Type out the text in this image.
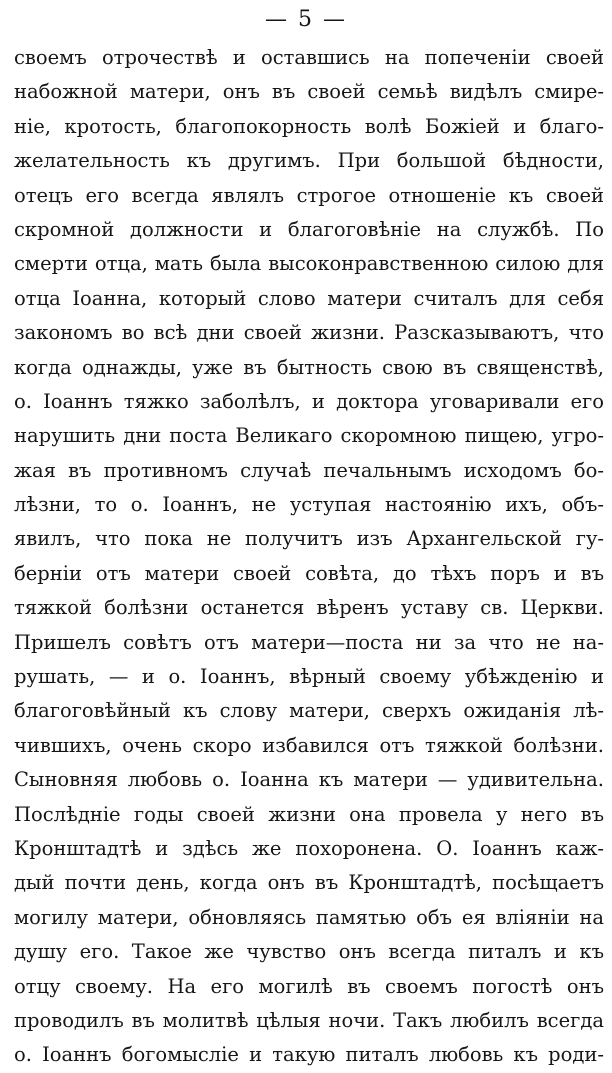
— 5 —
своемъ отрочествѣ и оставшись на попеченіи своей
набожной матери, онъ въ своей семьѣ видѣлъ смире-
ніе, кротость, благопокорность волѣ Божіей и благо-
желательность къ другимъ. При большой бѣдности,
отецъ его всегда являлъ строгое отношеніе къ своей
скромной должности и благоговѣніе на службѣ. По
смерти отца, мать была высоконравственною силою для
отца Іоанна, который слово матери считалъ для себя
закономъ во всѣ дни своей жизни. Разсказываютъ, что
когда однажды, уже въ бытность свою въ священствѣ,
о. Іоаннъ тяжко заболѣлъ, и доктора уговаривали его
нарушить дни поста Великаго скоромною пищею, угро-
жая въ противномъ случаѣ печальнымъ исходомъ бо-
лѣзни, то о. Іоаннъ, не уступая настоянію ихъ, объ-
явилъ, что пока не получитъ изъ Архангельской гу-
берніи отъ матери своей совѣта, до тѣхъ поръ и въ
тяжкой болѣзни останется вѣренъ уставу св. Церкви.
Пришелъ совѣтъ отъ матери—поста ни за что не на-
рушать, — и о. Іоаннъ, вѣрный своему убѣжденію и
благоговѣйный къ слову матери, сверхъ ожиданія лѣ-
чившихъ, очень скоро избавился отъ тяжкой болѣзни.
Сыновняя любовь о. Іоанна къ матери — удивительна.
Послѣдніе годы своей жизни она провела у него въ
Кронштадтѣ и здѣсь же похоронена. О. Іоаннъ каж-
дый почти день, когда онъ въ Кронштадтѣ, посѣщаетъ
могилу матери, обновляясь памятью объ ея вліяніи на
душу его. Такое же чувство онъ всегда питалъ и къ
отцу своему. На его могилѣ въ своемъ погостѣ онъ
проводилъ въ молитвѣ цѣлыя ночи. Такъ любилъ всегда
о. Іоаннъ богомысліе и такую питалъ любовь къ роди-
